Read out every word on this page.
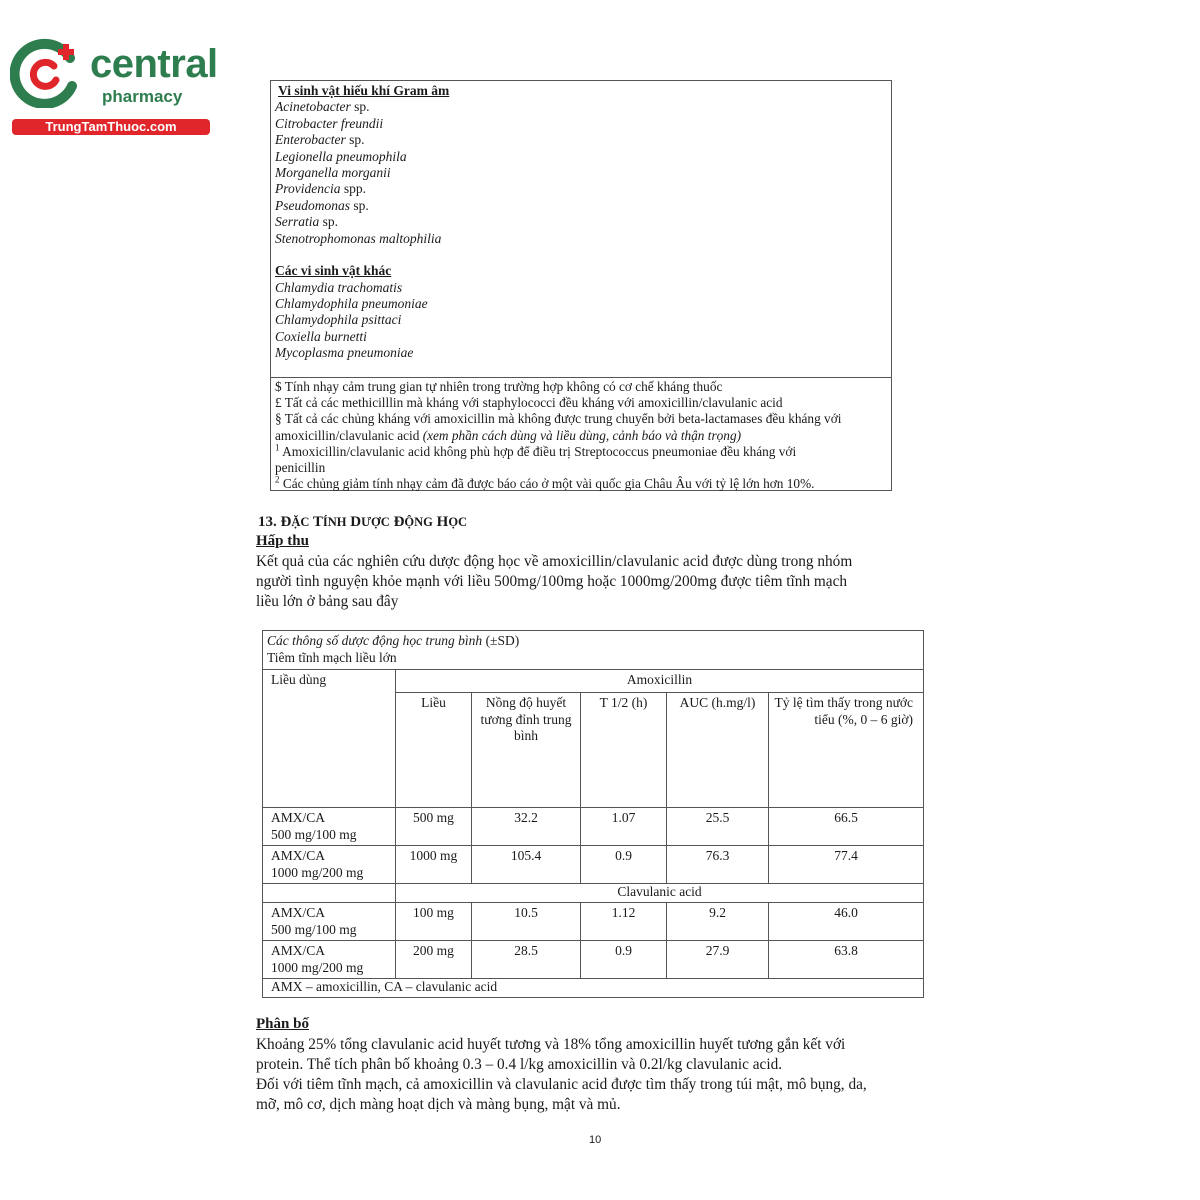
central
pharmacy
TrungTamThuoc.com
Vi sinh vật hiếu khí Gram âm
Acinetobacter sp.
Citrobacter freundii
Enterobacter sp.
Legionella pneumophila
Morganella morganii
Providencia spp.
Pseudomonas sp.
Serratia sp.
Stenotrophomonas maltophilia
Các vi sinh vật khác
Chlamydia trachomatis
Chlamydophila pneumoniae
Chlamydophila psittaci
Coxiella burnetti
Mycoplasma pneumoniae
$ Tính nhạy cảm trung gian tự nhiên trong trường hợp không có cơ chế kháng thuốc
£ Tất cả các methicilllin mà kháng với staphylococci đều kháng với amoxicillin/clavulanic acid
§ Tất cả các chủng kháng với amoxicillin mà không được trung chuyển bởi beta-lactamases đều kháng với
amoxicillin/clavulanic acid (xem phần cách dùng và liều dùng, cảnh báo và thận trọng)
$^1$ Amoxicillin/clavulanic acid không phù hợp để điều trị Streptococcus pneumoniae đều kháng với
penicillin
$^2$ Các chủng giảm tính nhạy cảm đã được báo cáo ở một vài quốc gia Châu Âu với tỷ lệ lớn hơn 10%.
13. ĐẶC TÍNH DƯỢC ĐỘNG HỌC
Hấp thu
Kết quả của các nghiên cứu dược động học về amoxicillin/clavulanic acid được dùng trong nhóm
người tình nguyện khỏe mạnh với liều 500mg/100mg hoặc 1000mg/200mg được tiêm tĩnh mạch
liều lớn ở bảng sau đây
Các thông số dược động học trung bình (±SD)
Tiêm tĩnh mạch liều lớn					
Liều dùng	Amoxicillin				
	Liều	Nồng độ huyết tương đỉnh trung bình	T 1/2 (h)	AUC (h.mg/l)	Tỷ lệ tìm thấy trong nước tiểu (%, 0 – 6 giờ)

AMX/CA
500 mg/100 mg	500 mg	32.2	1.07	25.5	66.5
AMX/CA
1000 mg/200 mg	1000 mg	105.4	0.9	76.3	77.4
	Clavulanic acid				
AMX/CA
500 mg/100 mg	100 mg	10.5	1.12	9.2	46.0
AMX/CA
1000 mg/200 mg	200 mg	28.5	0.9	27.9	63.8
AMX – amoxicillin, CA – clavulanic acid					
Phân bố
Khoảng 25% tổng clavulanic acid huyết tương và 18% tổng amoxicillin huyết tương gắn kết với
protein. Thể tích phân bố khoảng 0.3 – 0.4 l/kg amoxicillin và 0.2l/kg clavulanic acid.
Đối với tiêm tĩnh mạch, cả amoxicillin và clavulanic acid được tìm thấy trong túi mật, mô bụng, da,
mỡ, mô cơ, dịch màng hoạt dịch và màng bụng, mật và mủ.
10
